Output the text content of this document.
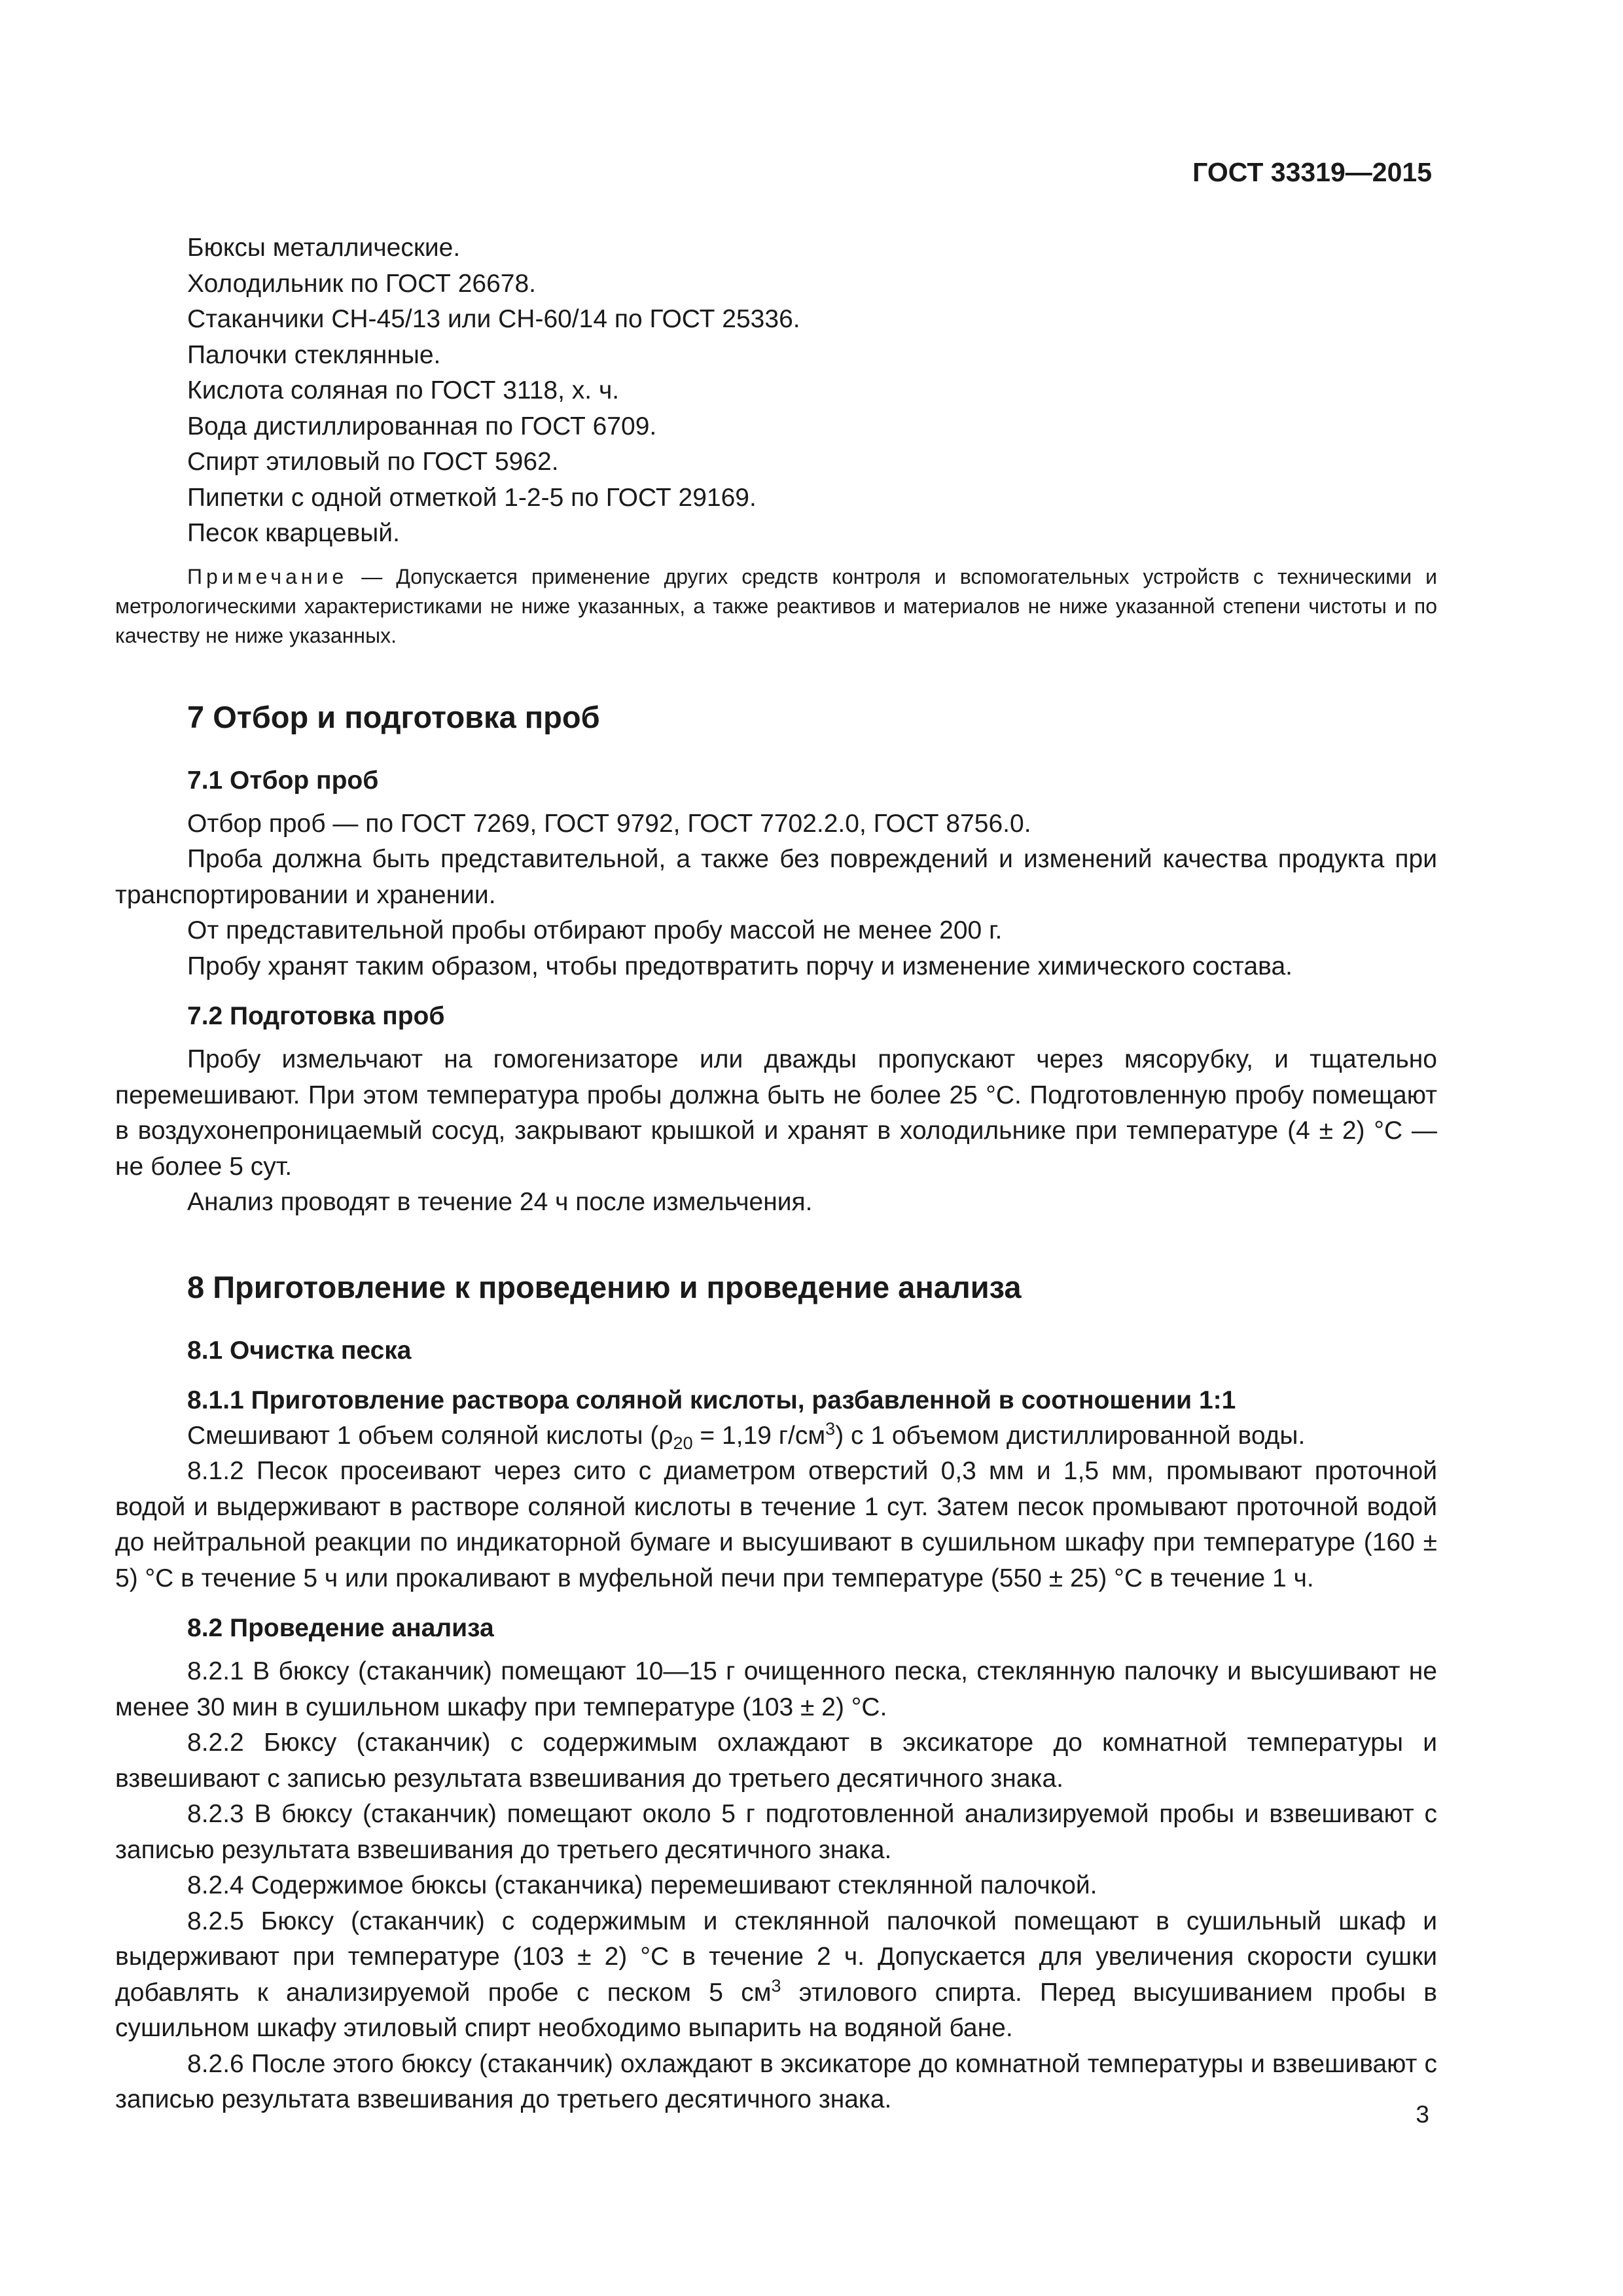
ГОСТ 33319—2015

Бюксы металлические.

Холодильник по ГОСТ 26678.

Стаканчики СН-45/13 или СН-60/14 по ГОСТ 25336.

Палочки стеклянные.

Кислота соляная по ГОСТ 3118, х. ч.

Вода дистиллированная по ГОСТ 6709.

Спирт этиловый по ГОСТ 5962.

Пипетки с одной отметкой 1-2-5 по ГОСТ 29169.

Песок кварцевый.

Примечание — Допускается применение других средств контроля и вспомогательных устройств с техническими и метрологическими характеристиками не ниже указанных, а также реактивов и материалов не ниже указанной степени чистоты и по качеству не ниже указанных.

7 Отбор и подготовка проб
7.1 Отбор проб

Отбор проб — по ГОСТ 7269, ГОСТ 9792, ГОСТ 7702.2.0, ГОСТ 8756.0.

Проба должна быть представительной, а также без повреждений и изменений качества продукта при транспортировании и хранении.

От представительной пробы отбирают пробу массой не менее 200 г.

Пробу хранят таким образом, чтобы предотвратить порчу и изменение химического состава.

7.2 Подготовка проб

Пробу измельчают на гомогенизаторе или дважды пропускают через мясорубку, и тщательно перемешивают. При этом температура пробы должна быть не более 25 °С. Подготовленную пробу помещают в воздухонепроницаемый сосуд, закрывают крышкой и хранят в холодильнике при температуре (4 ± 2) °С — не более 5 сут.

Анализ проводят в течение 24 ч после измельчения.

8 Приготовление к проведению и проведение анализа
8.1 Очистка песка
8.1.1 Приготовление раствора соляной кислоты, разбавленной в соотношении 1:1

Смешивают 1 объем соляной кислоты ($\rho_{20} = 1,19$ $г/см^3$) с 1 объемом дистиллированной воды.

8.1.2 Песок просеивают через сито с диаметром отверстий 0,3 мм и 1,5 мм, промывают проточной водой и выдерживают в растворе соляной кислоты в течение 1 сут. Затем песок промывают проточной водой до нейтральной реакции по индикаторной бумаге и высушивают в сушильном шкафу при температуре (160 ± 5) °С в течение 5 ч или прокаливают в муфельной печи при температуре (550 ± 25) °С в течение 1 ч.

8.2 Проведение анализа

8.2.1 В бюксу (стаканчик) помещают 10—15 г очищенного песка, стеклянную палочку и высушивают не менее 30 мин в сушильном шкафу при температуре (103 ± 2) °С.

8.2.2 Бюксу (стаканчик) с содержимым охлаждают в эксикаторе до комнатной температуры и взвешивают с записью результата взвешивания до третьего десятичного знака.

8.2.3 В бюксу (стаканчик) помещают около 5 г подготовленной анализируемой пробы и взвешивают с записью результата взвешивания до третьего десятичного знака.

8.2.4 Содержимое бюксы (стаканчика) перемешивают стеклянной палочкой.

8.2.5 Бюксу (стаканчик) с содержимым и стеклянной палочкой помещают в сушильный шкаф и выдерживают при температуре (103 ± 2) °С в течение 2 ч. Допускается для увеличения скорости сушки добавлять к анализируемой пробе с песком 5 $см^3$ этилового спирта. Перед высушиванием пробы в сушильном шкафу этиловый спирт необходимо выпарить на водяной бане.

8.2.6 После этого бюксу (стаканчик) охлаждают в эксикаторе до комнатной температуры и взвешивают с записью результата взвешивания до третьего десятичного знака.

3
